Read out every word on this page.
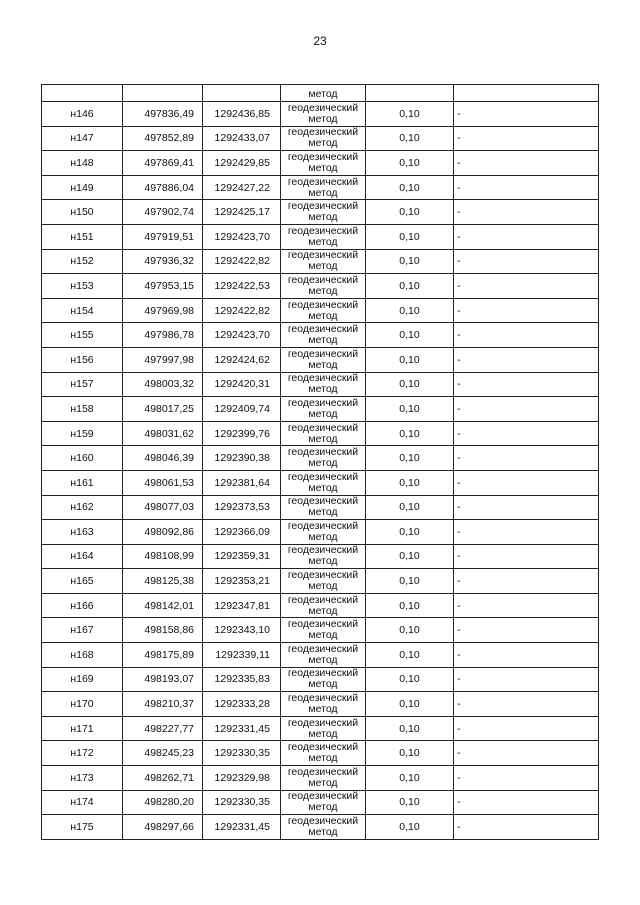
23
			метод		
н146	497836,49	1292436,85	геодезический
метод	0,10	-
н147	497852,89	1292433,07	геодезический
метод	0,10	-
н148	497869,41	1292429,85	геодезический
метод	0,10	-
н149	497886,04	1292427,22	геодезический
метод	0,10	-
н150	497902,74	1292425,17	геодезический
метод	0,10	-
н151	497919,51	1292423,70	геодезический
метод	0,10	-
н152	497936,32	1292422,82	геодезический
метод	0,10	-
н153	497953,15	1292422,53	геодезический
метод	0,10	-
н154	497969,98	1292422,82	геодезический
метод	0,10	-
н155	497986,78	1292423,70	геодезический
метод	0,10	-
н156	497997,98	1292424,62	геодезический
метод	0,10	-
н157	498003,32	1292420,31	геодезический
метод	0,10	-
н158	498017,25	1292409,74	геодезический
метод	0,10	-
н159	498031,62	1292399,76	геодезический
метод	0,10	-
н160	498046,39	1292390,38	геодезический
метод	0,10	-
н161	498061,53	1292381,64	геодезический
метод	0,10	-
н162	498077,03	1292373,53	геодезический
метод	0,10	-
н163	498092,86	1292366,09	геодезический
метод	0,10	-
н164	498108,99	1292359,31	геодезический
метод	0,10	-
н165	498125,38	1292353,21	геодезический
метод	0,10	-
н166	498142,01	1292347,81	геодезический
метод	0,10	-
н167	498158,86	1292343,10	геодезический
метод	0,10	-
н168	498175,89	1292339,11	геодезический
метод	0,10	-
н169	498193,07	1292335,83	геодезический
метод	0,10	-
н170	498210,37	1292333,28	геодезический
метод	0,10	-
н171	498227,77	1292331,45	геодезический
метод	0,10	-
н172	498245,23	1292330,35	геодезический
метод	0,10	-
н173	498262,71	1292329,98	геодезический
метод	0,10	-
н174	498280,20	1292330,35	геодезический
метод	0,10	-
н175	498297,66	1292331,45	геодезический
метод	0,10	-
